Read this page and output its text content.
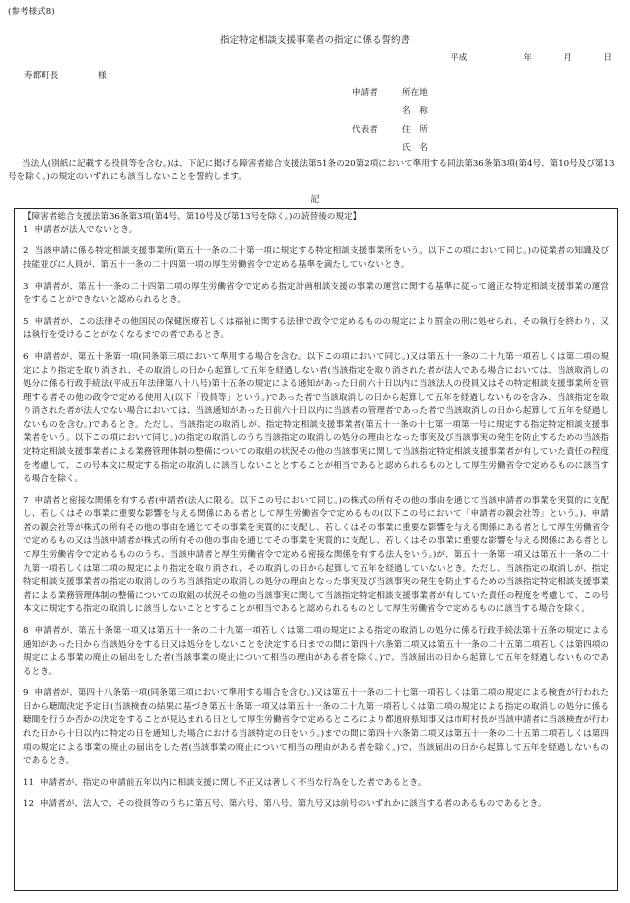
(参考様式8)
指定特定相談支援事業者の指定に係る誓約書
平成	年	月	日
寿都町長	様
申請者	所在地
名　称
代表者	住　所
氏　名

当法人(別紙に記載する役員等を含む。)は、下記に掲げる障害者総合支援法第51条の20第2項において準用する同法第36条第3項(第4号、第10号及び第13号を除く。)の規定のいずれにも該当しないことを誓約します。

記
【障害者総合支援法第36条第3項(第4号、第10号及び第13号を除く。)の読替後の規定】

1 申請者が法人でないとき。

2 当該申請に係る特定相談支援事業所(第五十一条の二十第一項に規定する特定相談支援事業所をいう。以下この項において同じ。)の従業者の知識及び技能並びに人員が、第五十一条の二十四第一項の厚生労働省令で定める基準を満たしていないとき。

3 申請者が、第五十一条の二十四第二項の厚生労働省令で定める指定計画相談支援の事業の運営に関する基準に従って適正な特定相談支援事業の運営をすることができないと認められるとき。

5 申請者が、この法律その他国民の保健医療若しくは福祉に関する法律で政令で定めるものの規定により罰金の刑に処せられ、その執行を終わり、又は執行を受けることがなくなるまでの者であるとき。

6 申請者が、第五十条第一項(同条第三項において準用する場合を含む。以下この項において同じ。)又は第五十一条の二十九第一項若しくは第二項の規定により指定を取り消され、その取消しの日から起算して五年を経過しない者(当該指定を取り消された者が法人である場合においては、当該取消しの処分に係る行政手続法(平成五年法律第八十八号)第十五条の規定による通知があった日前六十日以内に当該法人の役員又はその特定相談支援事業所を管理する者その他の政令で定める使用人(以下「役員等」という。)であった者で当該取消しの日から起算して五年を経過しないものを含み、当該指定を取り消された者が法人でない場合においては、当該通知があった日前六十日以内に当該者の管理者であった者で当該取消しの日から起算して五年を経過しないものを含む。)であるとき。ただし、当該指定の取消しが、指定特定相談支援事業者(第五十一条の十七第一項第一号に規定する指定特定相談支援事業者をいう。以下この項において同じ。)の指定の取消しのうち当該指定の取消しの処分の理由となった事実及び当該事実の発生を防止するための当該指定特定相談支援事業者による業務管理体制の整備についての取組の状況その他の当該事実に関して当該指定特定相談支援事業者が有していた責任の程度を考慮して、この号本文に規定する指定の取消しに該当しないこととすることが相当であると認められるものとして厚生労働省令で定めるものに該当する場合を除く。

7 申請者と密接な関係を有する者(申請者(法人に限る。以下この号において同じ。)の株式の所有その他の事由を通じて当該申請者の事業を実質的に支配し、若しくはその事業に重要な影響を与える関係にある者として厚生労働省令で定めるもの(以下この号において「申請者の親会社等」という。)、申請者の親会社等が株式の所有その他の事由を通じてその事業を実質的に支配し、若しくはその事業に重要な影響を与える関係にある者として厚生労働省令で定めるもの又は当該申請者が株式の所有その他の事由を通じてその事業を実質的に支配し、若しくはその事業に重要な影響を与える関係にある者として厚生労働省令で定めるもののうち、当該申請者と厚生労働省令で定める密接な関係を有する法人をいう。)が、第五十一条第一項又は第五十一条の二十九第一項若しくは第二項の規定により指定を取り消され、その取消しの日から起算して五年を経過していないとき。ただし、当該指定の取消しが、指定特定相談支援事業者の指定の取消しのうち当該指定の取消しの処分の理由となった事実及び当該事実の発生を防止するための当該指定特定相談支援事業者による業務管理体制の整備についての取組の状況その他の当該事実に関して当該指定特定相談支援事業者が有していた責任の程度を考慮して、この号本文に規定する指定の取消しに該当しないこととすることが相当であると認められるものとして厚生労働省令で定めるものに該当する場合を除く。

8 申請者が、第五十条第一項又は第五十一条の二十九第一項若しくは第二項の規定による指定の取消しの処分に係る行政手続法第十五条の規定による通知があった日から当該処分をする日又は処分をしないことを決定する日までの間に第四十六条第二項又は第五十一条の二十五第二項若しくは第四項の規定による事業の廃止の届出をした者(当該事業の廃止について相当の理由がある者を除く。)で、当該届出の日から起算して五年を経過しないものであるとき。

9 申請者が、第四十八条第一項(同条第三項において準用する場合を含む。)又は第五十一条の二十七第一項若しくは第二項の規定による検査が行われた日から聴聞決定予定日(当該検査の結果に基づき第五十条第一項又は第五十一条の二十九第一項若しくは第二項の規定による指定の取消しの処分に係る聴聞を行うか否かの決定をすることが見込まれる日として厚生労働省令で定めるところにより都道府県知事又は市町村長が当該申請者に当該検査が行われた日から十日以内に特定の日を通知した場合における当該特定の日をいう。)までの間に第四十六条第二項又は第五十一条の二十五第二項若しくは第四項の規定による事業の廃止の届出をした者(当該事業の廃止について相当の理由がある者を除く。)で、当該届出の日から起算して五年を経過しないものであるとき。

11 申請者が、指定の申請前五年以内に相談支援に関し不正又は著しく不当な行為をした者であるとき。

12 申請者が、法人で、その役員等のうちに第五号、第六号、第八号、第九号又は前号のいずれかに該当する者のあるものであるとき。
